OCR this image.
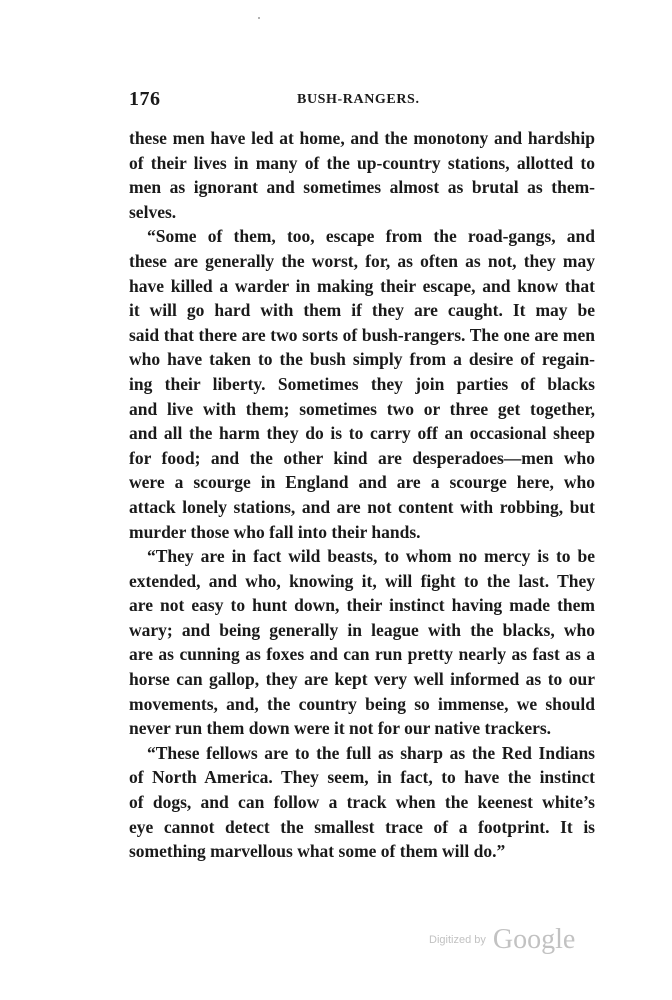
176	BUSH-RANGERS.
these men have led at home, and the monotony and hardship
of their lives in many of the up-country stations, allotted to
men as ignorant and sometimes almost as brutal as them-
selves.
“Some of them, too, escape from the road-gangs, and
these are generally the worst, for, as often as not, they may
have killed a warder in making their escape, and know that
it will go hard with them if they are caught. It may be
said that there are two sorts of bush-rangers. The one are men
who have taken to the bush simply from a desire of regain-
ing their liberty. Sometimes they join parties of blacks
and live with them; sometimes two or three get together,
and all the harm they do is to carry off an occasional sheep
for food; and the other kind are desperadoes—men who
were a scourge in England and are a scourge here, who
attack lonely stations, and are not content with robbing, but
murder those who fall into their hands.
“They are in fact wild beasts, to whom no mercy is to be
extended, and who, knowing it, will fight to the last. They
are not easy to hunt down, their instinct having made them
wary; and being generally in league with the blacks, who
are as cunning as foxes and can run pretty nearly as fast as a
horse can gallop, they are kept very well informed as to our
movements, and, the country being so immense, we should
never run them down were it not for our native trackers.
“These fellows are to the full as sharp as the Red Indians
of North America. They seem, in fact, to have the instinct
of dogs, and can follow a track when the keenest white’s
eye cannot detect the smallest trace of a footprint. It is
something marvellous what some of them will do.”
Digitized by Google
